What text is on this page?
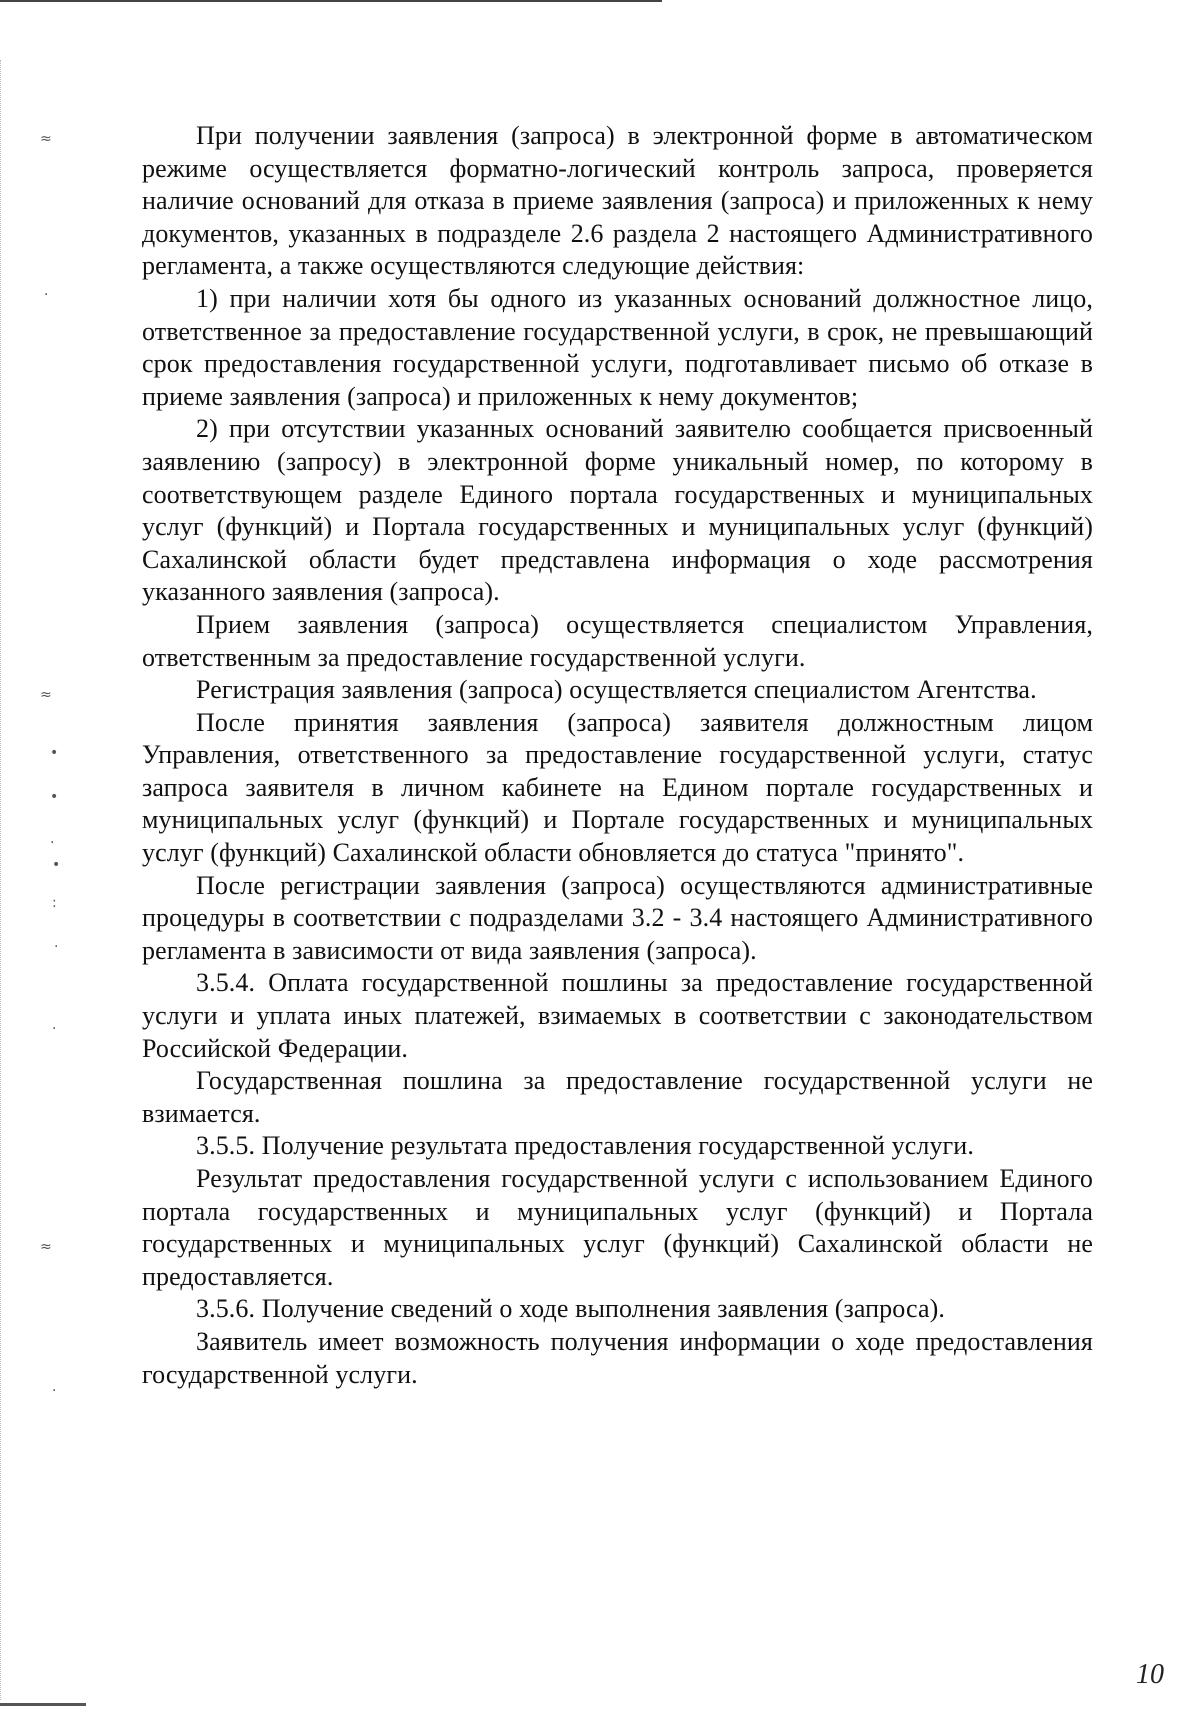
≈
·
≈
•
•
·
•
:
·
·
≈
·

При получении заявления (запроса) в электронной форме в автоматическом режиме осуществляется форматно-логический контроль запроса, проверяется наличие оснований для отказа в приеме заявления (запроса) и приложенных к нему документов, указанных в подразделе 2.6 раздела 2 настоящего Административного регламента, а также осуществляются следующие действия:

1) при наличии хотя бы одного из указанных оснований должностное лицо, ответственное за предоставление государственной услуги, в срок, не превышающий срок предоставления государственной услуги, подготавливает письмо об отказе в приеме заявления (запроса) и приложенных к нему документов;

2) при отсутствии указанных оснований заявителю сообщается присвоенный заявлению (запросу) в электронной форме уникальный номер, по которому в соответствующем разделе Единого портала государственных и муниципальных услуг (функций) и Портала государственных и муниципальных услуг (функций) Сахалинской области будет представлена информация о ходе рассмотрения указанного заявления (запроса).

Прием заявления (запроса) осуществляется специалистом Управления, ответственным за предоставление государственной услуги.

Регистрация заявления (запроса) осуществляется специалистом Агентства.

После принятия заявления (запроса) заявителя должностным лицом Управления, ответственного за предоставление государственной услуги, статус запроса заявителя в личном кабинете на Едином портале государственных и муниципальных услуг (функций) и Портале государственных и муниципальных услуг (функций) Сахалинской области обновляется до статуса "принято".

После регистрации заявления (запроса) осуществляются административные процедуры в соответствии с подразделами 3.2 - 3.4 настоящего Административного регламента в зависимости от вида заявления (запроса).

3.5.4. Оплата государственной пошлины за предоставление государственной услуги и уплата иных платежей, взимаемых в соответствии с законодательством Российской Федерации.

Государственная пошлина за предоставление государственной услуги не взимается.

3.5.5. Получение результата предоставления государственной услуги.

Результат предоставления государственной услуги с использованием Единого портала государственных и муниципальных услуг (функций) и Портала государственных и муниципальных услуг (функций) Сахалинской области не предоставляется.

3.5.6. Получение сведений о ходе выполнения заявления (запроса).

Заявитель имеет возможность получения информации о ходе предоставления государственной услуги.

10
